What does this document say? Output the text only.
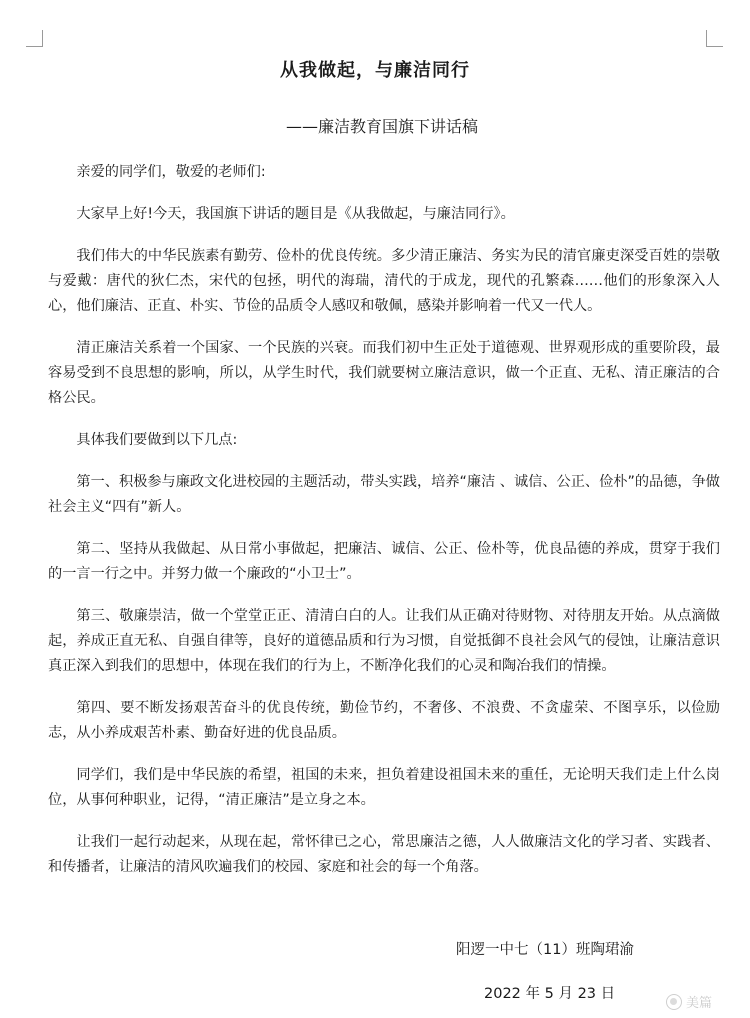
从我做起，与廉洁同行
——廉洁教育国旗下讲话稿

亲爱的同学们，敬爱的老师们:

大家早上好!今天，我国旗下讲话的题目是《从我做起，与廉洁同行》。

我们伟大的中华民族素有勤劳、俭朴的优良传统。多少清正廉洁、务实为民的清官廉吏深受百姓的崇敬与爱戴：唐代的狄仁杰，宋代的包拯，明代的海瑞，清代的于成龙，现代的孔繁森……他们的形象深入人心，他们廉洁、正直、朴实、节俭的品质令人感叹和敬佩，感染并影响着一代又一代人。

清正廉洁关系着一个国家、一个民族的兴衰。而我们初中生正处于道德观、世界观形成的重要阶段，最容易受到不良思想的影响，所以，从学生时代，我们就要树立廉洁意识，做一个正直、无私、清正廉洁的合格公民。

具体我们要做到以下几点:

第一、积极参与廉政文化进校园的主题活动，带头实践，培养“廉洁 、诚信、公正、俭朴”的品德，争做社会主义“四有”新人。

第二、坚持从我做起、从日常小事做起，把廉洁、诚信、公正、俭朴等，优良品德的养成，贯穿于我们的一言一行之中。并努力做一个廉政的“小卫士”。

第三、敬廉崇洁，做一个堂堂正正、清清白白的人。让我们从正确对待财物、对待朋友开始。从点滴做起，养成正直无私、自强自律等，良好的道德品质和行为习惯，自觉抵御不良社会风气的侵蚀，让廉洁意识真正深入到我们的思想中，体现在我们的行为上，不断净化我们的心灵和陶冶我们的情操。

第四、要不断发扬艰苦奋斗的优良传统，勤俭节约，不奢侈、不浪费、不贪虚荣、不图享乐，以俭励志，从小养成艰苦朴素、勤奋好进的优良品质。

同学们，我们是中华民族的希望，祖国的未来，担负着建设祖国未来的重任，无论明天我们走上什么岗位，从事何种职业，记得，“清正廉洁”是立身之本。

让我们一起行动起来，从现在起，常怀律已之心，常思廉洁之德，人人做廉洁文化的学习者、实践者、和传播者，让廉洁的清风吹遍我们的校园、家庭和社会的每一个角落。

阳逻一中七（11）班陶珺渝
2022 年 5 月 23 日
美篇
